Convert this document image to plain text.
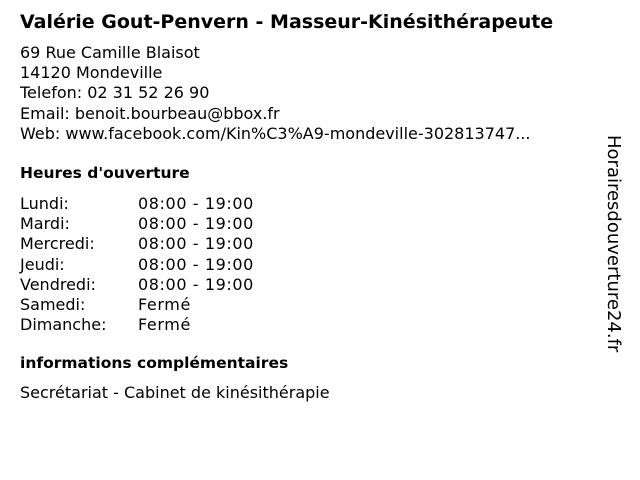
Valérie Gout-Penvern - Masseur-Kinésithérapeute
69 Rue Camille Blaisot
14120 Mondeville
Telefon: 02 31 52 26 90
Email: benoit.bourbeau@bbox.fr
Web: www.facebook.com/Kin%C3%A9-mondeville-302813747...
Heures d'ouverture
Lundi:	08:00 - 19:00
Mardi:	08:00 - 19:00
Mercredi:	08:00 - 19:00
Jeudi:	08:00 - 19:00
Vendredi:	08:00 - 19:00
Samedi:	Fermé
Dimanche: Fermé
informations complémentaires
Secrétariat - Cabinet de kinésithérapie
Horairesdouverture24.fr
